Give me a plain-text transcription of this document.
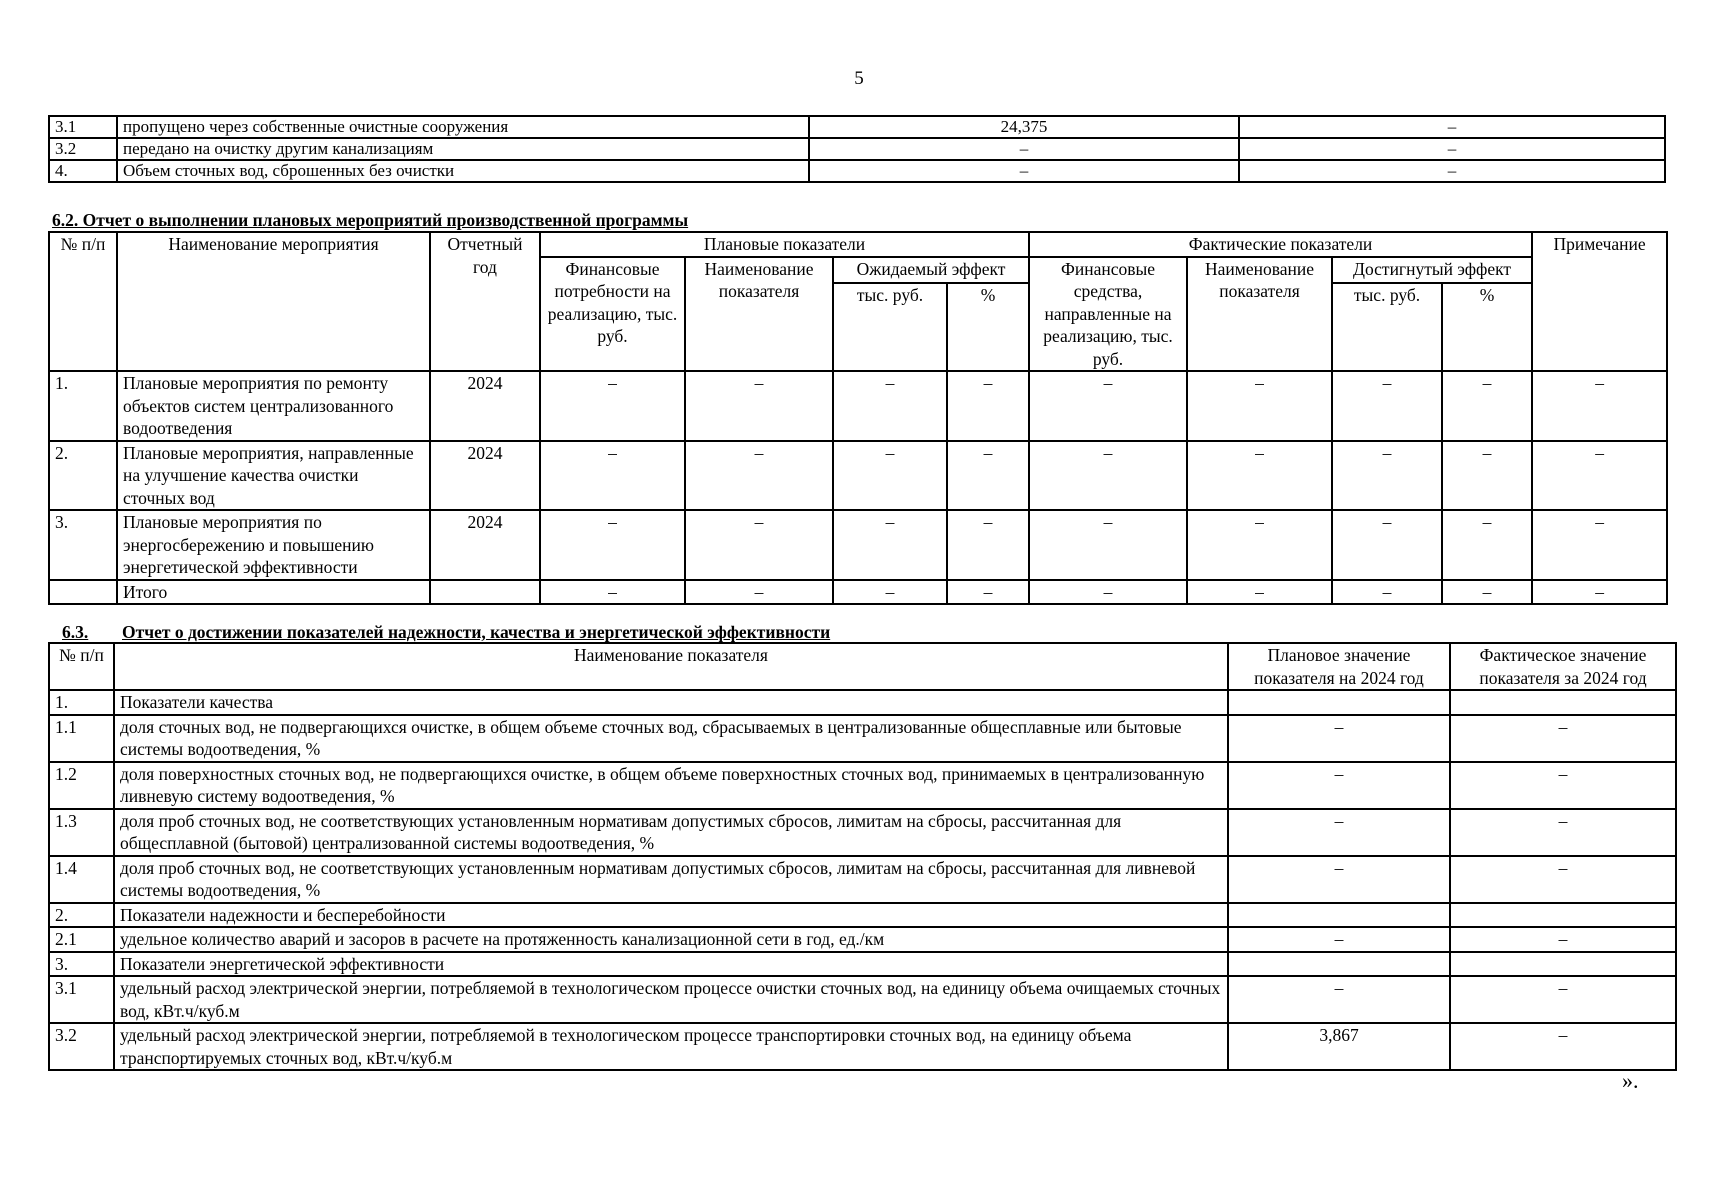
5
3.1	пропущено через собственные очистные сооружения	24,375	–
3.2	передано на очистку другим канализациям	–	–
4.	Объем сточных вод, сброшенных без очистки	–	–
6.2. Отчет о выполнении плановых мероприятий производственной программы
№ п/п	Наименование мероприятия	Отчетный год	Плановые показатели				Фактические показатели				Примечание
			Финансовые потребности на реализацию, тыс. руб.	Наименование показателя	Ожидаемый эффект		Финансовые средства, направленные на реализацию, тыс. руб.	Наименование показателя	Достигнутый эффект		
					тыс. руб.	%			тыс. руб.	%	
1.	Плановые мероприятия по ремонту объектов систем централизованного водоотведения	2024	–	–	–	–	–	–	–	–	–
2.	Плановые мероприятия, направленные на улучшение качества очистки сточных вод	2024	–	–	–	–	–	–	–	–	–
3.	Плановые мероприятия по энергосбережению и повышению энергетической эффективности	2024	–	–	–	–	–	–	–	–	–
	Итого		–	–	–	–	–	–	–	–	–
6.3. Отчет о достижении показателей надежности, качества и энергетической эффективности
№ п/п	Наименование показателя	Плановое значение показателя на 2024 год	Фактическое значение показателя за 2024 год
1.	Показатели качества		
1.1	доля сточных вод, не подвергающихся очистке, в общем объеме сточных вод, сбрасываемых в централизованные общесплавные или бытовые системы водоотведения, %	–	–
1.2	доля поверхностных сточных вод, не подвергающихся очистке, в общем объеме поверхностных сточных вод, принимаемых в централизованную ливневую систему водоотведения, %	–	–
1.3	доля проб сточных вод, не соответствующих установленным нормативам допустимых сбросов, лимитам на сбросы, рассчитанная для общесплавной (бытовой) централизованной системы водоотведения, %	–	–
1.4	доля проб сточных вод, не соответствующих установленным нормативам допустимых сбросов, лимитам на сбросы, рассчитанная для ливневой системы водоотведения, %	–	–
2.	Показатели надежности и бесперебойности		
2.1	удельное количество аварий и засоров в расчете на протяженность канализационной сети в год, ед./км	–	–
3.	Показатели энергетической эффективности		
3.1	удельный расход электрической энергии, потребляемой в технологическом процессе очистки сточных вод, на единицу объема очищаемых сточных вод, кВт.ч/куб.м	–	–
3.2	удельный расход электрической энергии, потребляемой в технологическом процессе транспортировки сточных вод, на единицу объема транспортируемых сточных вод, кВт.ч/куб.м	3,867	–
».
